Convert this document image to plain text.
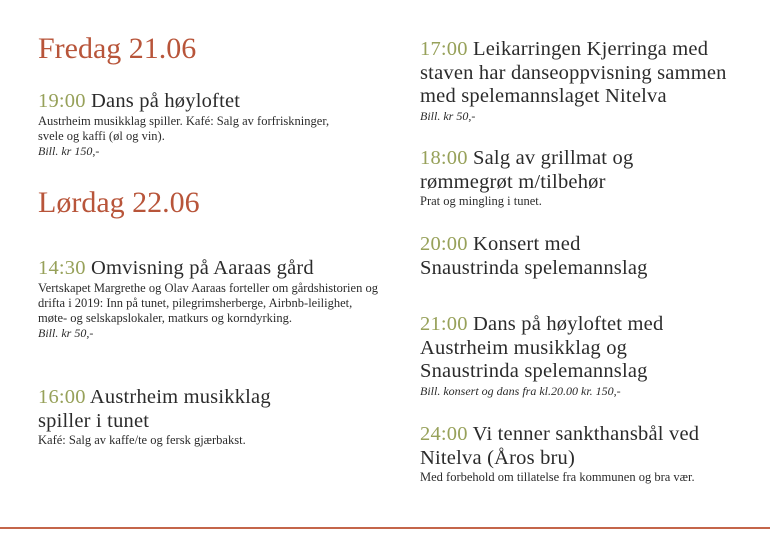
Fredag 21.06

19:00 Dans på høyloftet

Austrheim musikklag spiller. Kafé: Salg av forfriskninger, svele og kaffi (øl og vin).

Bill. kr 150,-

Lørdag 22.06

14:30 Omvisning på Aaraas gård

Vertskapet Margrethe og Olav Aaraas forteller om gårdshistorien og drifta i 2019: Inn på tunet, pilegrimsherberge, Airbnb-leilighet, møte- og selskapslokaler, matkurs og korndyrking.

Bill. kr 50,-

16:00 Austrheim musikklag
spiller i tunet

Kafé: Salg av kaffe/te og fersk gjærbakst.

17:00 Leikarringen Kjerringa med
staven har danseoppvisning sammen
med spelemannslaget Nitelva

Bill. kr 50,-

18:00 Salg av grillmat og
rømmegrøt m/tilbehør

Prat og mingling i tunet.

20:00 Konsert med
Snaustrinda spelemannslag

21:00 Dans på høyloftet med
Austrheim musikklag og
Snaustrinda spelemannslag

Bill. konsert og dans fra kl.20.00 kr. 150,-

24:00 Vi tenner sankthansbål ved
Nitelva (Åros bru)

Med forbehold om tillatelse fra kommunen og bra vær.
